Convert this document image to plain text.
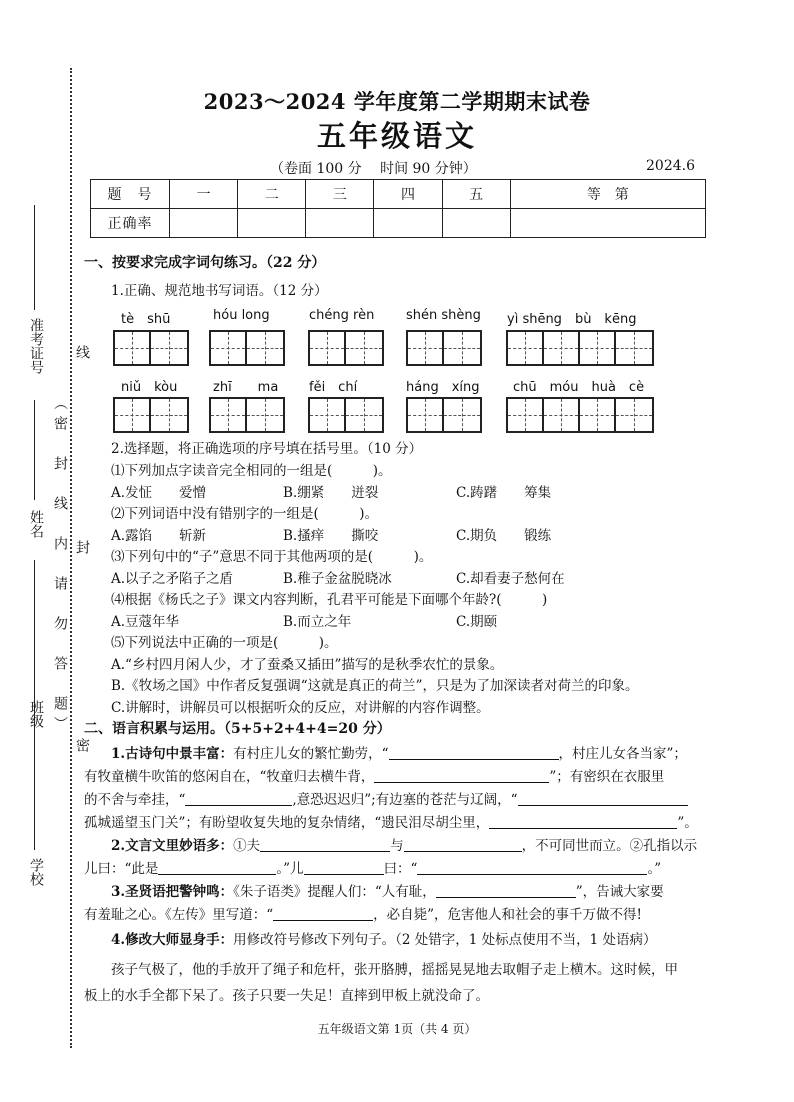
2023～2024 学年度第二学期期末试卷
五年级语文
（卷面 100 分　 时间 90 分钟）	2024.6
题　号	一	二	三	四	五	等　第
正确率						
学校
班级
姓名
准考证号
（密　封　线　内　请　勿　答　题）
线
封
密
一、按要求完成字词句练习。（22 分）
1.正确、规范地书写词语。（12 分）
tè　shū	hóu long	chéng rèn shén shèng yì shēng　bù　kēng
niǔ　kòu	zhī　　ma fěi　chí	háng　xíng	chū　móu　huà　cè
2.选择题，将正确选项的序号填在括号里。（10 分）
⑴下列加点字读音完全相同的一组是(　　　)。
A.发怔　　爱憎	B.绷紧　　迸裂	C.踌躇　　筹集
⑵下列词语中没有错别字的一组是(　　　)。
A.露馅　　斩新	B.搔痒　　撕咬	C.期负　　锻练
⑶下列句中的“子”意思不同于其他两项的是(　　　)。
A.以子之矛陷子之盾	B.稚子金盆脱晓冰	C.却看妻子愁何在
⑷根据《杨氏之子》课文内容判断，孔君平可能是下面哪个年龄?(　　　)
A.豆蔻年华	B.而立之年	C.期颐
⑸下列说法中正确的一项是(　　　)。
A.“乡村四月闲人少，才了蚕桑又插田”描写的是秋季农忙的景象。
B.《牧场之国》中作者反复强调“这就是真正的荷兰”，只是为了加深读者对荷兰的印象。
C.讲解时，讲解员可以根据听众的反应，对讲解的内容作调整。
二、语言积累与运用。（5+5+2+4+4=20 分）
1.古诗句中景丰富：有村庄儿女的繁忙勤劳，“	，村庄儿女各当家”；
有牧童横牛吹笛的悠闲自在，“牧童归去横牛背，	”；有密织在衣服里
的不舍与牵挂，“	,意恐迟迟归”;有边塞的苍茫与辽阔，“
孤城遥望玉门关”；有盼望收复失地的复杂情绪，“遗民泪尽胡尘里，	”。
2.文言文里妙语多：①夫	与	，不可同世而立。②孔指以示
儿曰：“此是	。”儿	曰：“	。”
3.圣贤语把警钟鸣：《朱子语类》提醒人们：“人有耻，	”，告诫大家要
有羞耻之心。《左传》里写道：“	，必自毙”，危害他人和社会的事千万做不得!
4.修改大师显身手：用修改符号修改下列句子。（2 处错字，1 处标点使用不当，1 处语病）
孩子气极了，他的手放开了绳子和危杆，张开胳膊，摇摇晃晃地去取帽子走上横木。这时候，甲
板上的水手全都下呆了。孩子只要一失足！直摔到甲板上就没命了。
五年级语文第 1页（共 4 页）
